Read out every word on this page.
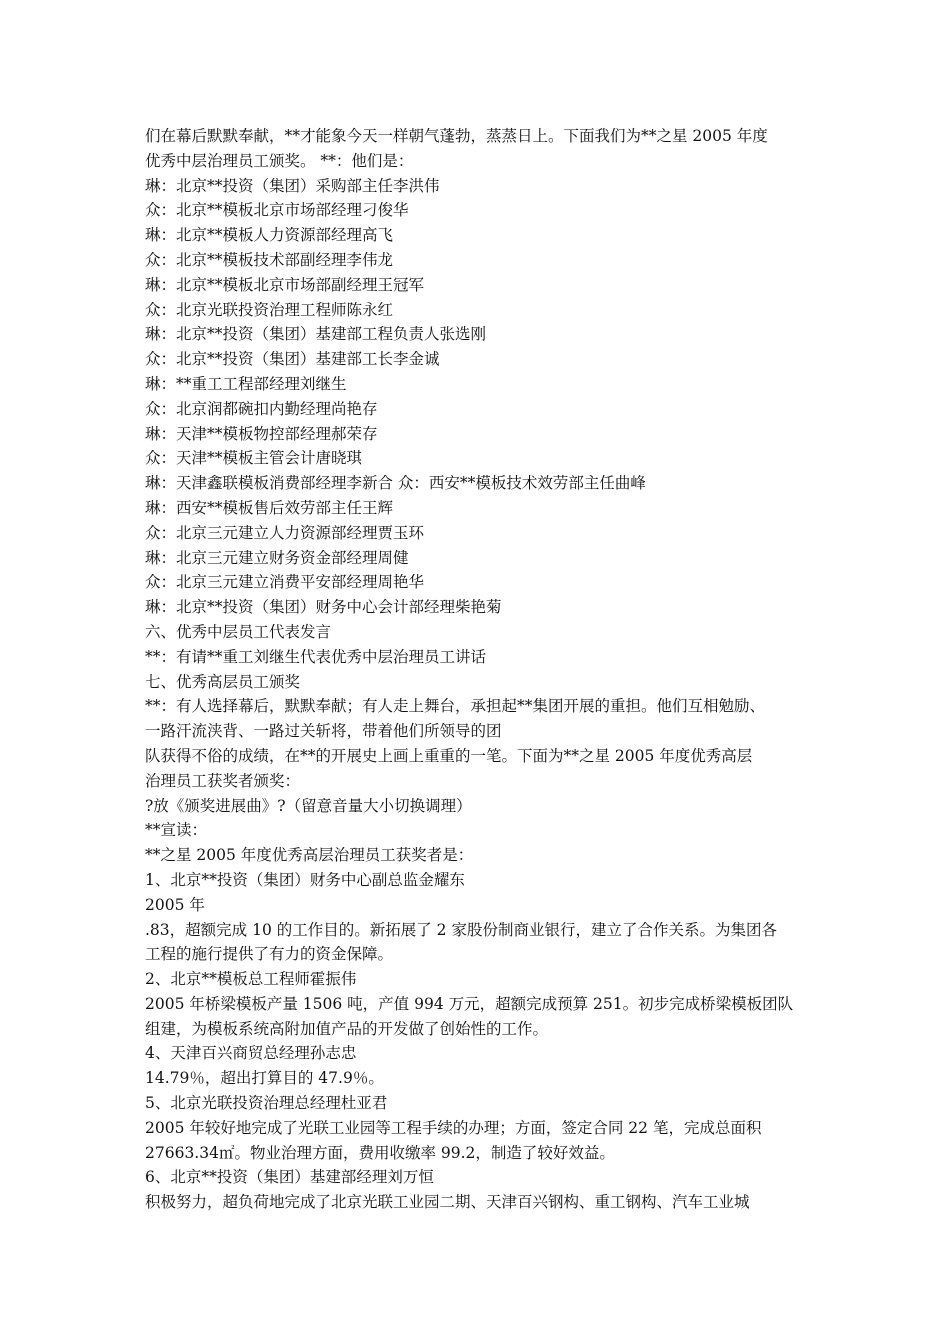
们在幕后默默奉献，**才能象今天一样朝气蓬勃，蒸蒸日上。下面我们为**之星 2005 年度
优秀中层治理员工颁奖。 **：他们是：
琳：北京**投资（集团）采购部主任李洪伟
众：北京**模板北京市场部经理刁俊华
琳：北京**模板人力资源部经理高飞
众：北京**模板技术部副经理李伟龙
琳：北京**模板北京市场部副经理王冠军
众：北京光联投资治理工程师陈永红
琳：北京**投资（集团）基建部工程负责人张选刚
众：北京**投资（集团）基建部工长李金诚
琳：**重工工程部经理刘继生
众：北京润都碗扣内勤经理尚艳存
琳：天津**模板物控部经理郝荣存
众：天津**模板主管会计唐晓琪
琳：天津鑫联模板消费部经理李新合 众：西安**模板技术效劳部主任曲峰
琳：西安**模板售后效劳部主任王辉
众：北京三元建立人力资源部经理贾玉环
琳：北京三元建立财务资金部经理周健
众：北京三元建立消费平安部经理周艳华
琳：北京**投资（集团）财务中心会计部经理柴艳菊
六、优秀中层员工代表发言
**：有请**重工刘继生代表优秀中层治理员工讲话
七、优秀高层员工颁奖
**：有人选择幕后，默默奉献；有人走上舞台，承担起**集团开展的重担。他们互相勉励、
一路汗流浃背、一路过关斩将，带着他们所领导的团
队获得不俗的成绩，在**的开展史上画上重重的一笔。下面为**之星 2005 年度优秀高层
治理员工获奖者颁奖：
?放《颁奖进展曲》?（留意音量大小切换调理）
**宣读：
**之星 2005 年度优秀高层治理员工获奖者是：
1、北京**投资（集团）财务中心副总监金耀东
2005 年
.83，超额完成 10 的工作目的。新拓展了 2 家股份制商业银行，建立了合作关系。为集团各
工程的施行提供了有力的资金保障。
2、北京**模板总工程师霍振伟
2005 年桥梁模板产量 1506 吨，产值 994 万元，超额完成预算 251。初步完成桥梁模板团队
组建，为模板系统高附加值产品的开发做了创始性的工作。
4、天津百兴商贸总经理孙志忠
14.79％，超出打算目的 47.9％。
5、北京光联投资治理总经理杜亚君
2005 年较好地完成了光联工业园等工程手续的办理；方面，签定合同 22 笔，完成总面积
27663.34㎡。物业治理方面，费用收缴率 99.2，制造了较好效益。
6、北京**投资（集团）基建部经理刘万恒
积极努力，超负荷地完成了北京光联工业园二期、天津百兴钢构、重工钢构、汽车工业城
